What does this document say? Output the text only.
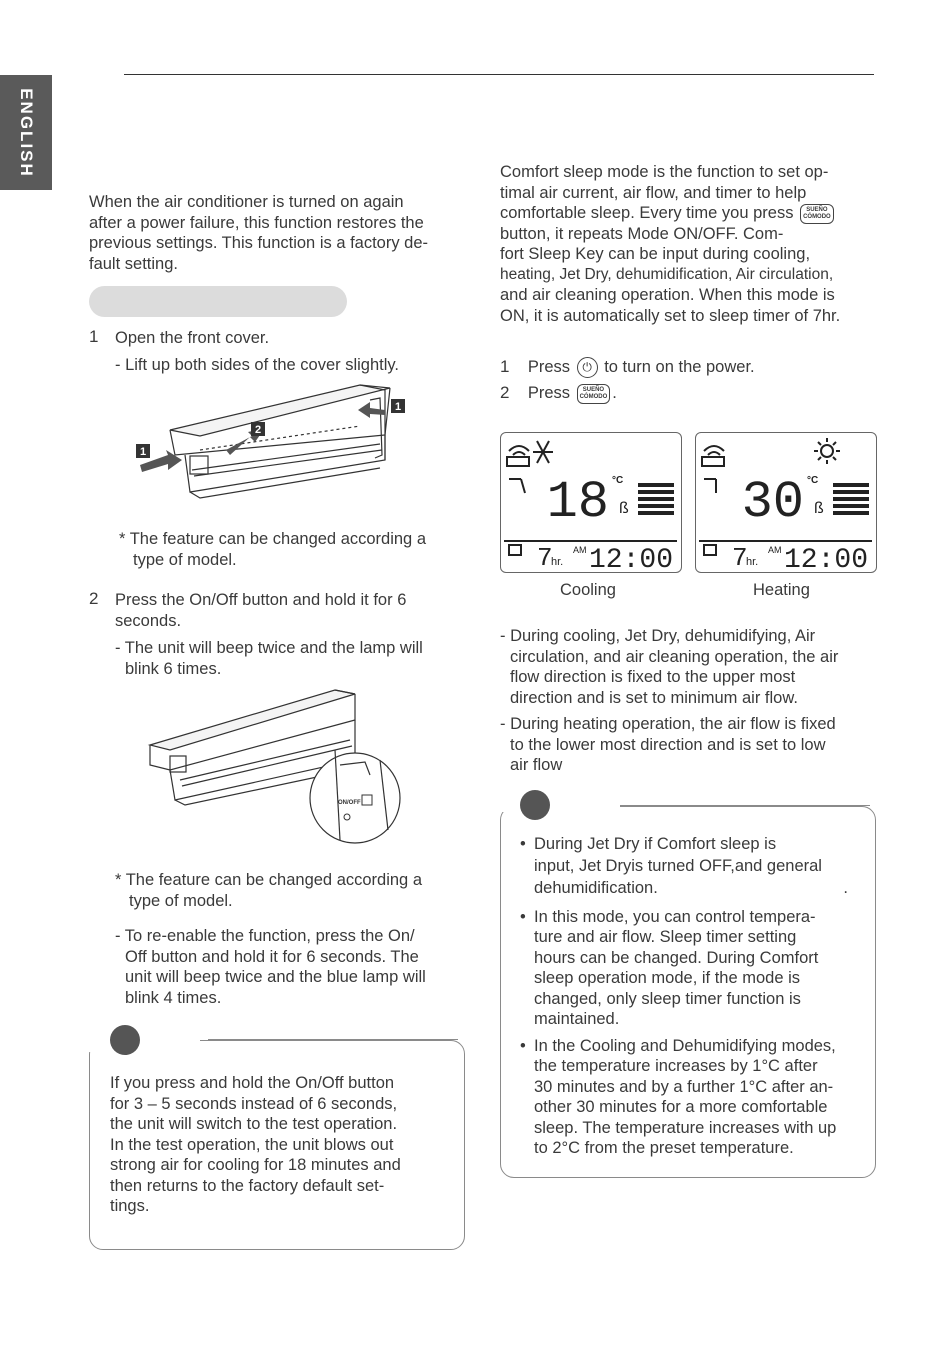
ENGLISH

When the air conditioner is turned on again

after a power failure, this function restores the

previous settings. This function is a factory de-

fault setting.

1 Open the front cover.
- Lift up both sides of the cover slightly.
1
2
1
* The feature can be changed according a
type of model.
2 Press the On/Off button and hold it for 6
seconds.
- The unit will beep twice and the lamp will
blink 6 times.
ON/OFF
* The feature can be changed according a
type of model.
- To re-enable the function, press the On/
Off button and hold it for 6 seconds. The
unit will beep twice and the blue lamp will
blink 4 times.
If you press and hold the On/Off button
for 3 – 5 seconds instead of 6 seconds,
the unit will switch to the test operation.
In the test operation, the unit blows out
strong air for cooling for 18 minutes and
then returns to the factory default set-
tings.
Comfort sleep mode is the function to set op-
timal air current, air flow, and timer to help
comfortable sleep. Every time you press SUEÑO
CÓMODO
button, it repeats Mode ON/OFF. Com-
fort Sleep Key can be input during cooling,
heating, Jet Dry, dehumidification, Air circulation,
and air cleaning operation. When this mode is
ON, it is automatically set to sleep timer of 7hr.
1 Press ⏻ to turn on the power.
2 Press SUEÑO
CÓMODO .
18 °C
ß
7
hr.
AM 12:00
Cooling
30 °C
ß
7
hr.
AM 12:00
Heating
- During cooling, Jet Dry, dehumidifying, Air
circulation, and air cleaning operation, the air
flow direction is fixed to the upper most
direction and is set to minimum air flow.
- During heating operation, the air flow is fixed
to the lower most direction and is set to low
air flow
• During Jet Dry if Comfort sleep is
input, Jet Dryis turned OFF,and general
dehumidification.	.
• In this mode, you can control tempera-
ture and air flow. Sleep timer setting
hours can be changed. During Comfort
sleep operation mode, if the mode is
changed, only sleep timer function is
maintained.
• In the Cooling and Dehumidifying modes,
the temperature increases by 1°C after
30 minutes and by a further 1°C after an-
other 30 minutes for a more comfortable
sleep. The temperature increases with up
to 2°C from the preset temperature.
